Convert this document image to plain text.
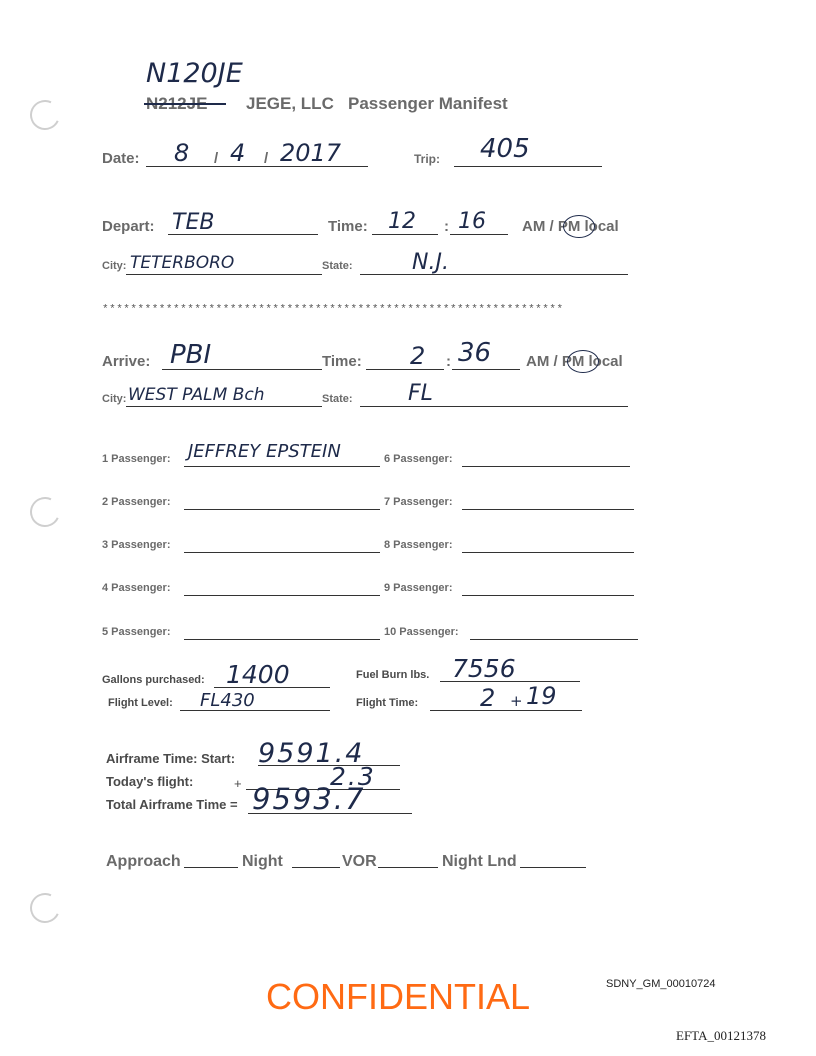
N120JE
N212JE JEGE, LLC   Passenger Manifest
Date: 8 / 4 / 2017	Trip: 405
Depart: TEB	Time: 12 : 16 AM / PM local
City: TETERBORO	State:	N.J.
*****************************************************************
Arrive: PBI	Time: 2 : 36 AM / PM local
City: WEST PALM Bch	State:	FL
1 Passenger: JEFFREY EPSTEIN
2 Passenger:
3 Passenger:
4 Passenger:
5 Passenger:
6 Passenger:
7 Passenger:
8 Passenger:
9 Passenger:
10 Passenger:
Gallons purchased: 1400	Fuel Burn lbs. 7556
Flight Level: FL430	Flight Time:	2 + 19
Airframe Time: Start: 9591.4
Today's flight:	+	2.3
Total Airframe Time = 9593.7
Approach	Night	VOR	Night Lnd
CONFIDENTIAL	SDNY_GM_00010724
EFTA_00121378
